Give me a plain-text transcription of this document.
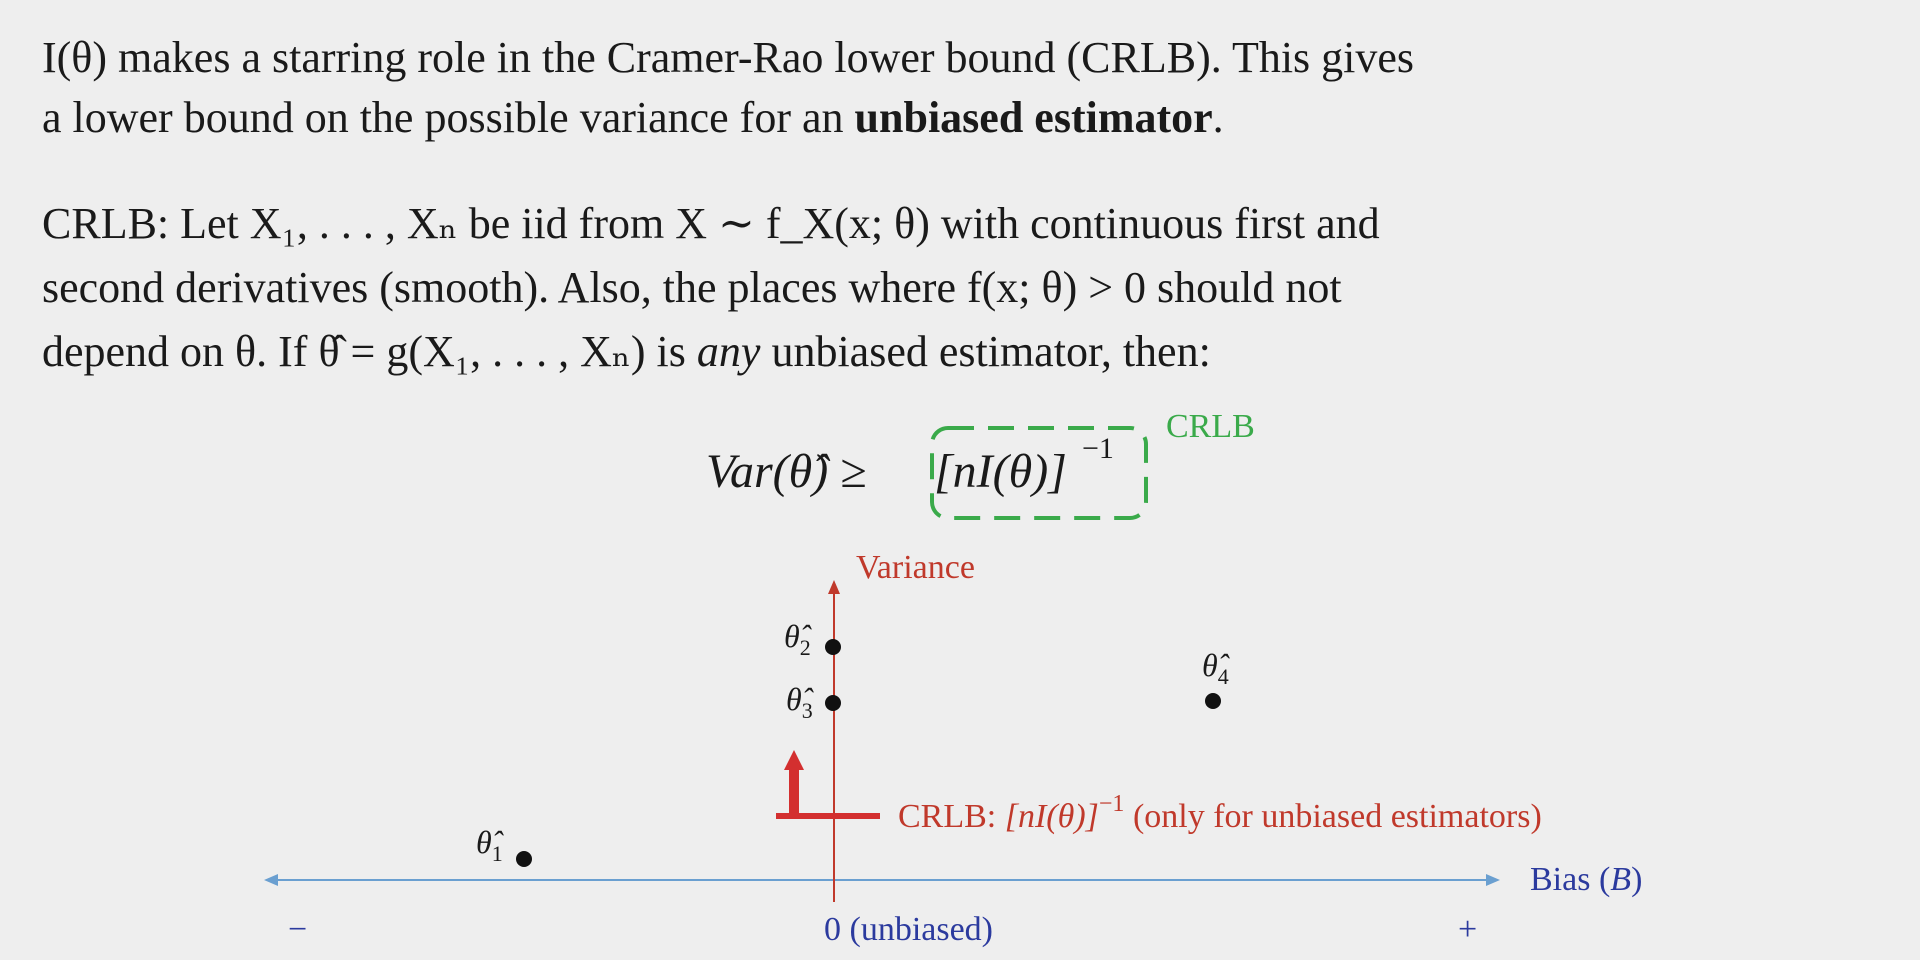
I(θ) makes a starring role in the Cramer-Rao lower bound (CRLB). This gives
a lower bound on the possible variance for an unbiased estimator.
CRLB: Let X₁, . . . , Xₙ be iid from X ∼ f_X(x; θ) with continuous first and
second derivatives (smooth). Also, the places where f(x; θ) > 0 should not
depend on θ. If θ̂ = g(X₁, . . . , Xₙ) is any unbiased estimator, then:
Var(θ̂) ≥ [nI(θ)] −1
CRLB
Bias (B)
−	+
0 (unbiased)
Variance
CRLB: $[nI(\theta)]^{-1}$ (only for unbiased estimators)
$\thetâ_1$
$\thetâ_2$
$\thetâ_3$
$\thetâ_4$
